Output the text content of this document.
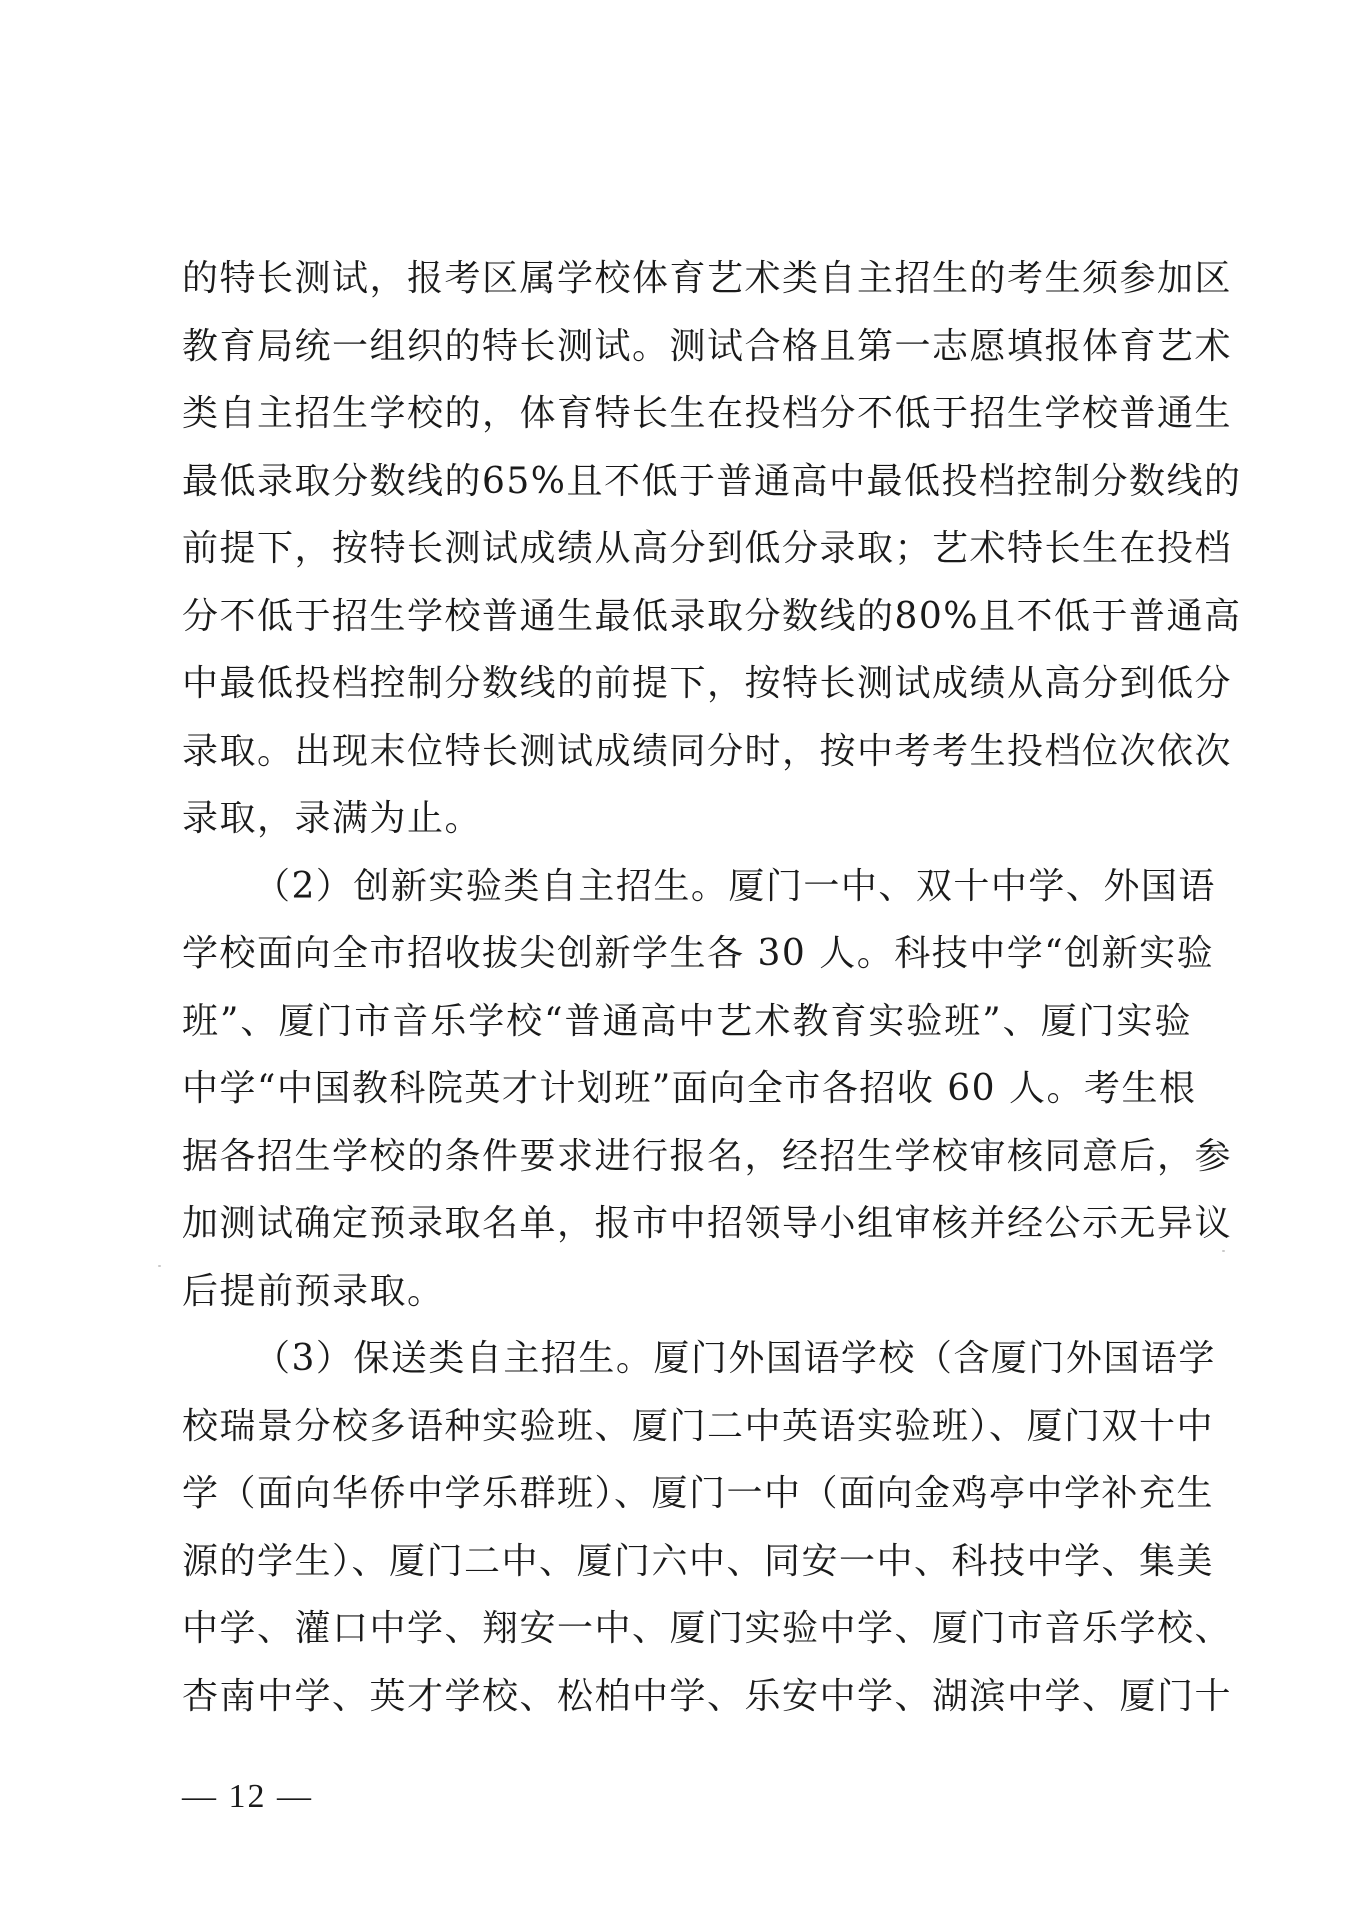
的特长测试，报考区属学校体育艺术类自主招生的考生须参加区
教育局统一组织的特长测试。测试合格且第一志愿填报体育艺术
类自主招生学校的，体育特长生在投档分不低于招生学校普通生
最低录取分数线的65%且不低于普通高中最低投档控制分数线的
前提下，按特长测试成绩从高分到低分录取；艺术特长生在投档
分不低于招生学校普通生最低录取分数线的80%且不低于普通高
中最低投档控制分数线的前提下，按特长测试成绩从高分到低分
录取。出现末位特长测试成绩同分时，按中考考生投档位次依次
录取，录满为止。
（2）创新实验类自主招生。厦门一中、双十中学、外国语
学校面向全市招收拔尖创新学生各 30 人。科技中学“创新实验
班”、厦门市音乐学校“普通高中艺术教育实验班”、厦门实验
中学“中国教科院英才计划班”面向全市各招收 60 人。考生根
据各招生学校的条件要求进行报名，经招生学校审核同意后，参
加测试确定预录取名单，报市中招领导小组审核并经公示无异议
后提前预录取。
（3）保送类自主招生。厦门外国语学校（含厦门外国语学
校瑞景分校多语种实验班、厦门二中英语实验班）、厦门双十中
学（面向华侨中学乐群班）、厦门一中（面向金鸡亭中学补充生
源的学生）、厦门二中、厦门六中、同安一中、科技中学、集美
中学、灌口中学、翔安一中、厦门实验中学、厦门市音乐学校、
杏南中学、英才学校、松柏中学、乐安中学、湖滨中学、厦门十
— 12 —
